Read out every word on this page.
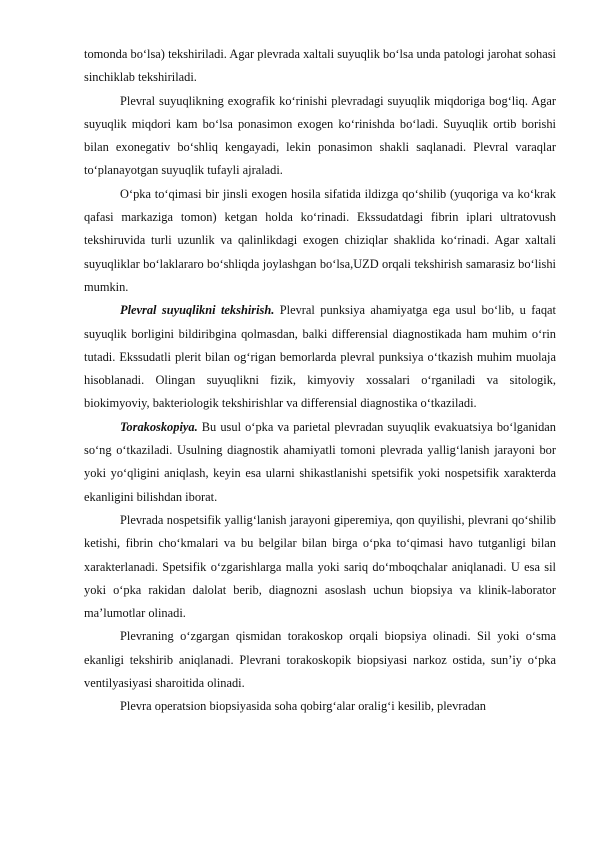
tomonda bo‘lsa) tekshiriladi. Agar plevrada xaltali suyuqlik bo‘lsa unda patologi jarohat sohasi sinchiklab tekshiriladi.

Plevral suyuqlikning exografik ko‘rinishi plevradagi suyuqlik miqdoriga bog‘liq. Agar suyuqlik miqdori kam bo‘lsa ponasimon exogen ko‘rinishda bo‘ladi. Suyuqlik ortib borishi bilan exonegativ bo‘shliq kengayadi, lekin ponasimon shakli saqlanadi. Plevral varaqlar to‘planayotgan suyuqlik tufayli ajraladi.

O‘pka to‘qimasi bir jinsli exogen hosila sifatida ildizga qo‘shilib (yuqoriga va ko‘krak qafasi markaziga tomon) ketgan holda ko‘rinadi. Ekssudatdagi fibrin iplari ultratovush tekshiruvida turli uzunlik va qalinlikdagi exogen chiziqlar shaklida ko‘rinadi. Agar xaltali suyuqliklar bo‘laklararo bo‘shliqda joylashgan bo‘lsa,UZD orqali tekshirish samarasiz bo‘lishi mumkin.

Plevral suyuqlikni tekshirish. Plevral punksiya ahamiyatga ega usul bo‘lib, u faqat suyuqlik borligini bildiribgina qolmasdan, balki differensial diagnostikada ham muhim o‘rin tutadi. Ekssudatli plerit bilan og‘rigan bemorlarda plevral punksiya o‘tkazish muhim muolaja hisoblanadi. Olingan suyuqlikni fizik, kimyoviy xossalari o‘rganiladi va sitologik, biokimyoviy, bakteriologik tekshirishlar va differensial diagnostika o‘tkaziladi.

Torakoskopiya. Bu usul o‘pka va parietal plevradan suyuqlik evakuatsiya bo‘lganidan so‘ng o‘tkaziladi. Usulning diagnostik ahamiyatli tomoni plevrada yallig‘lanish jarayoni bor yoki yo‘qligini aniqlash, keyin esa ularni shikastlanishi spetsifik yoki nospetsifik xarakterda ekanligini bilishdan iborat.

Plevrada nospetsifik yallig‘lanish jarayoni giperemiya, qon quyilishi, plevrani qo‘shilib ketishi, fibrin cho‘kmalari va bu belgilar bilan birga o‘pka to‘qimasi havo tutganligi bilan xarakterlanadi. Spetsifik o‘zgarishlarga malla yoki sariq do‘mboqchalar aniqlanadi. U esa sil yoki o‘pka rakidan dalolat berib, diagnozni asoslash uchun biopsiya va klinik-laborator ma’lumotlar olinadi.

Plevraning o‘zgargan qismidan torakoskop orqali biopsiya olinadi. Sil yoki o‘sma ekanligi tekshirib aniqlanadi. Plevrani torakoskopik biopsiyasi narkoz ostida, sun’iy o‘pka ventilyasiyasi sharoitida olinadi.

Plevra operatsion biopsiyasida soha qobirg‘alar oralig‘i kesilib, plevradan
